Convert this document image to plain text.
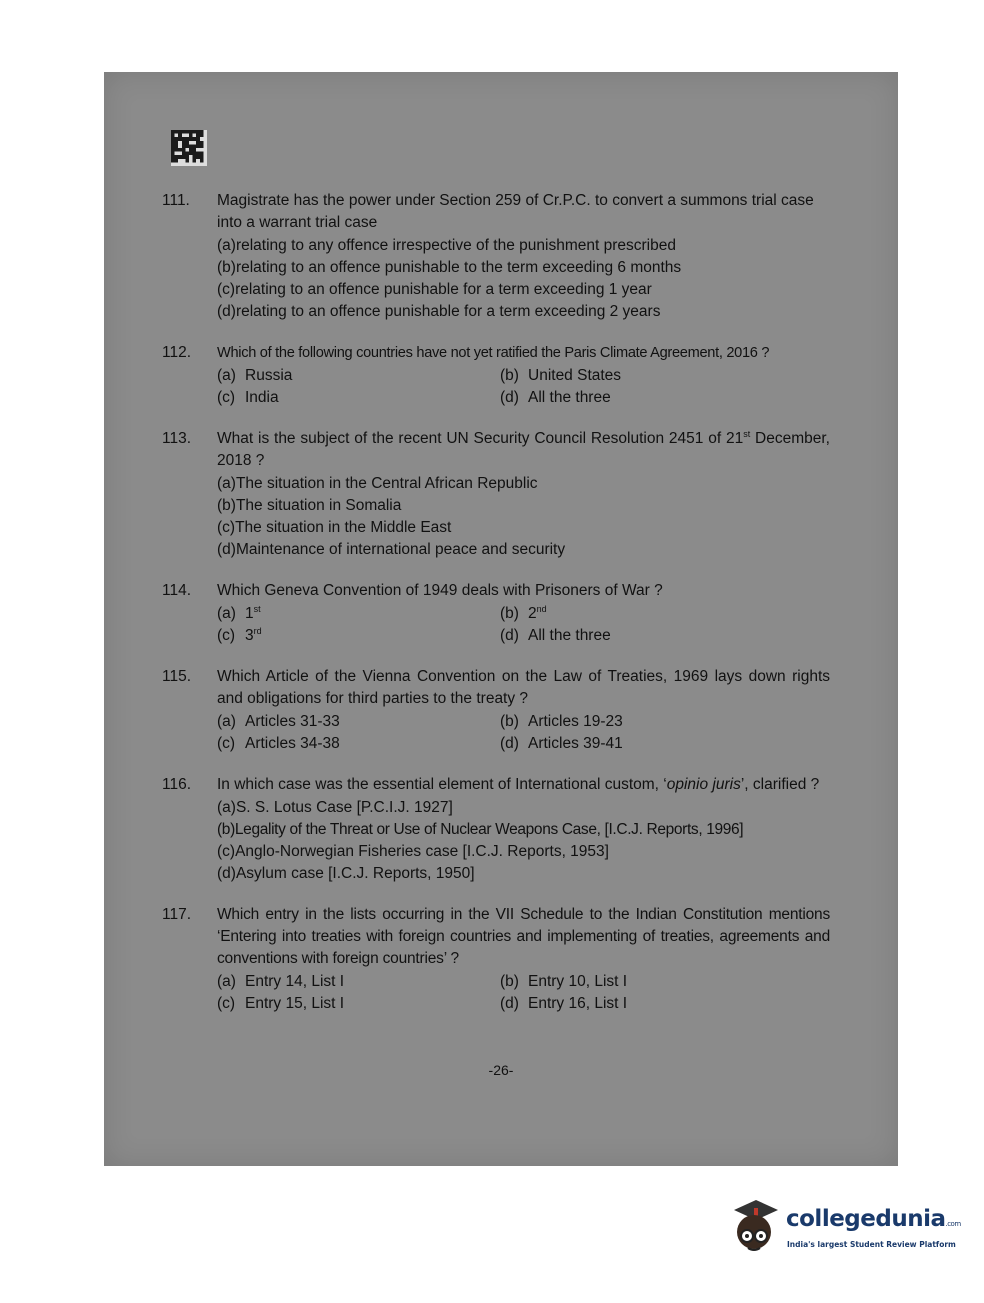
111.	Magistrate has the power under Section 259 of Cr.P.C. to convert a summons trial case into a warrant trial case
(a)relating to any offence irrespective of the punishment prescribed
(b)relating to an offence punishable to the term exceeding 6 months
(c)relating to an offence punishable for a term exceeding 1 year
(d)relating to an offence punishable for a term exceeding 2 years
112.	Which of the following countries have not yet ratified the Paris Climate Agreement, 2016 ?
(a) Russia	(b) United States
(c) India	(d) All the three
113.	What is the subject of the recent UN Security Council Resolution 2451 of 21st December, 2018 ?
(a)The situation in the Central African Republic
(b)The situation in Somalia
(c)The situation in the Middle East
(d)Maintenance of international peace and security
114.	Which Geneva Convention of 1949 deals with Prisoners of War ?
(a) 1st	(b) 2nd
(c) 3rd	(d) All the three
115.	Which Article of the Vienna Convention on the Law of Treaties, 1969 lays down rights and obligations for third parties to the treaty ?
(a) Articles 31-33	(b) Articles 19-23
(c) Articles 34-38	(d) Articles 39-41
116.	In which case was the essential element of International custom, ‘opinio juris’, clarified ?
(a)S. S. Lotus Case [P.C.I.J. 1927]
(b)Legality of the Threat or Use of Nuclear Weapons Case, [I.C.J. Reports, 1996]
(c)Anglo-Norwegian Fisheries case [I.C.J. Reports, 1953]
(d)Asylum case [I.C.J. Reports, 1950]
117.	Which entry in the lists occurring in the VII Schedule to the Indian Constitution mentions ‘Entering into treaties with foreign countries and implementing of treaties, agreements and conventions with foreign countries’ ?
(a) Entry 14, List I	(b) Entry 10, List I
(c) Entry 15, List I	(d) Entry 16, List I
-26-
collegedunia.com
India's largest Student Review Platform
